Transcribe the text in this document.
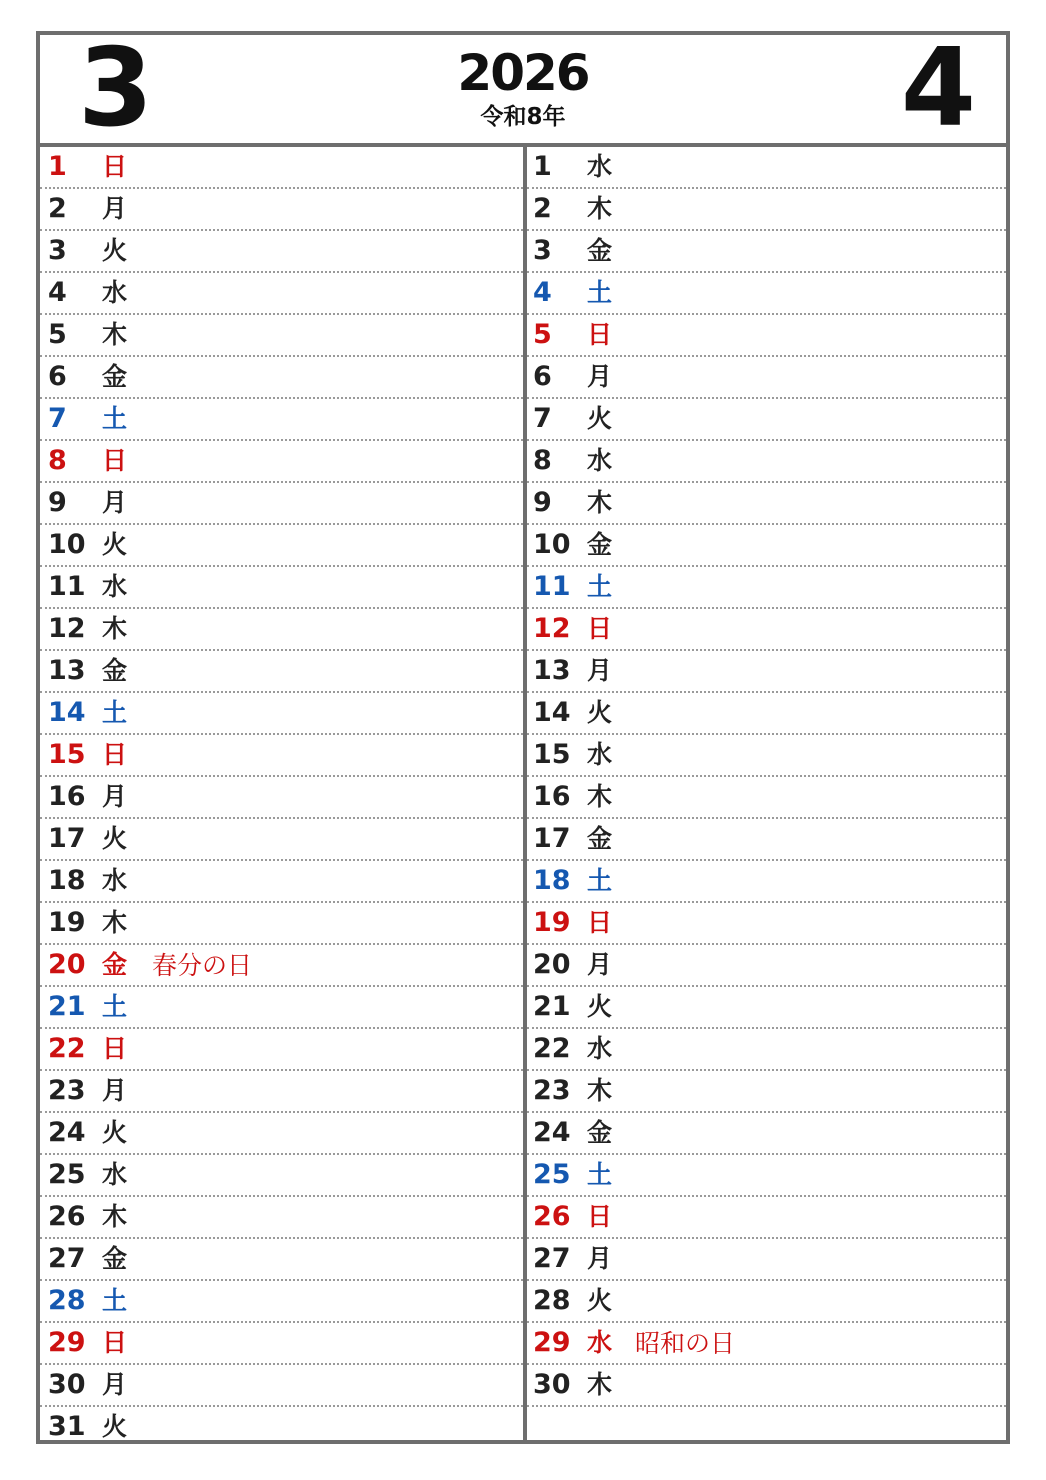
3	2026
令和8年	4
1	日
2	月
3	火
4	水
5	木
6	金
7	土
8	日
9	月
10 火
11 水
12 木
13 金
14 土
15 日
16 月
17 火
18 水
19 木
20 金 春分の日
21 土
22 日
23 月
24 火
25 水
26 木
27 金
28 土
29 日
30 月
31 火
1	水
2	木
3	金
4	土
5	日
6	月
7	火
8	水
9	木
10 金
11 土
12 日
13 月
14 火
15 水
16 木
17 金
18 土
19 日
20 月
21 火
22 水
23 木
24 金
25 土
26 日
27 月
28 火
29 水 昭和の日
30 木
